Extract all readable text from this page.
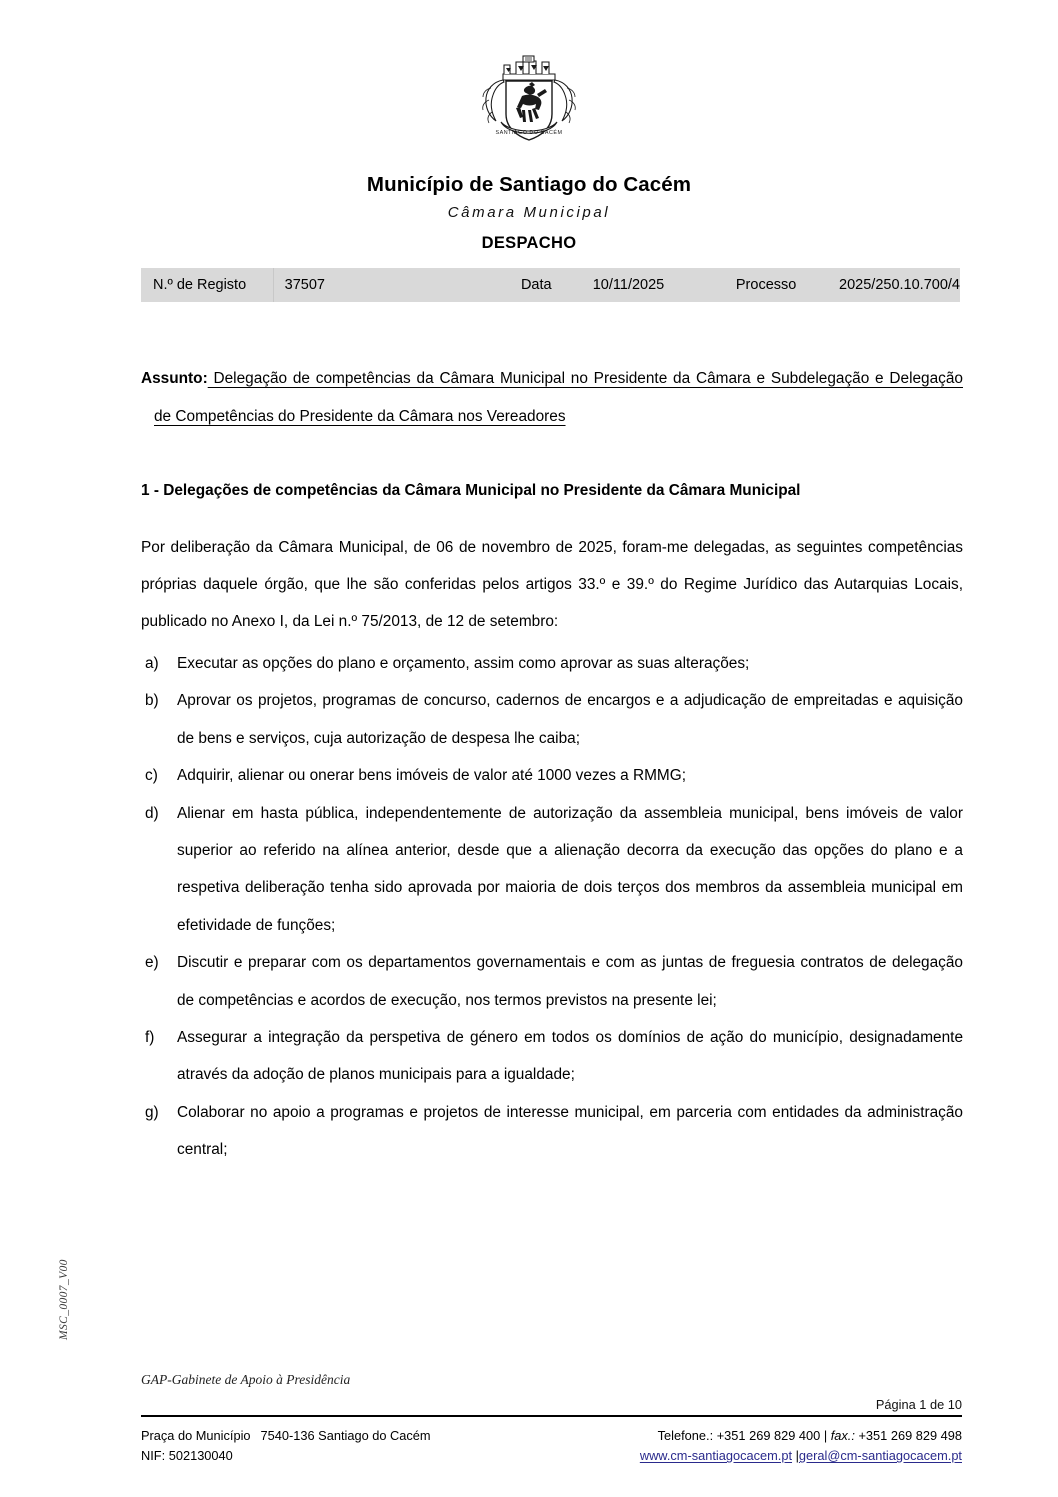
MSC_0007_V00
SANTIAGO DO CACÉM
Município de Santiago do Cacém
Câmara Municipal
DESPACHO
N.º de Registo	37507	Data	10/11/2025	Processo	2025/250.10.700/4
Assunto: Delegação de competências da Câmara Municipal no Presidente da Câmara e Subdelegação e Delegação de Competências do Presidente da Câmara nos Vereadores
1 - Delegações de competências da Câmara Municipal no Presidente da Câmara Municipal
Por deliberação da Câmara Municipal, de 06 de novembro de 2025, foram-me delegadas, as seguintes competências próprias daquele órgão, que lhe são conferidas pelos artigos 33.º e 39.º do Regime Jurídico das Autarquias Locais, publicado no Anexo I, da Lei n.º 75/2013, de 12 de setembro:
a)	Executar as opções do plano e orçamento, assim como aprovar as suas alterações;
b)	Aprovar os projetos, programas de concurso, cadernos de encargos e a adjudicação de empreitadas e aquisição de bens e serviços, cuja autorização de despesa lhe caiba;
c)	Adquirir, alienar ou onerar bens imóveis de valor até 1000 vezes a RMMG;
d)	Alienar em hasta pública, independentemente de autorização da assembleia municipal, bens imóveis de valor superior ao referido na alínea anterior, desde que a alienação decorra da execução das opções do plano e a respetiva deliberação tenha sido aprovada por maioria de dois terços dos membros da assembleia municipal em efetividade de funções;
e)	Discutir e preparar com os departamentos governamentais e com as juntas de freguesia contratos de delegação de competências e acordos de execução, nos termos previstos na presente lei;
f)	Assegurar a integração da perspetiva de género em todos os domínios de ação do município, designadamente através da adoção de planos municipais para a igualdade;
g)	Colaborar no apoio a programas e projetos de interesse municipal, em parceria com entidades da administração central;
GAP-Gabinete de Apoio à Presidência
Página 1 de 10
Praça do Município 7540-136 Santiago do Cacém
NIF: 502130040
Telefone.: +351 269 829 400 | fax.: +351 269 829 498
www.cm-santiagocacem.pt |geral@cm-santiagocacem.pt
